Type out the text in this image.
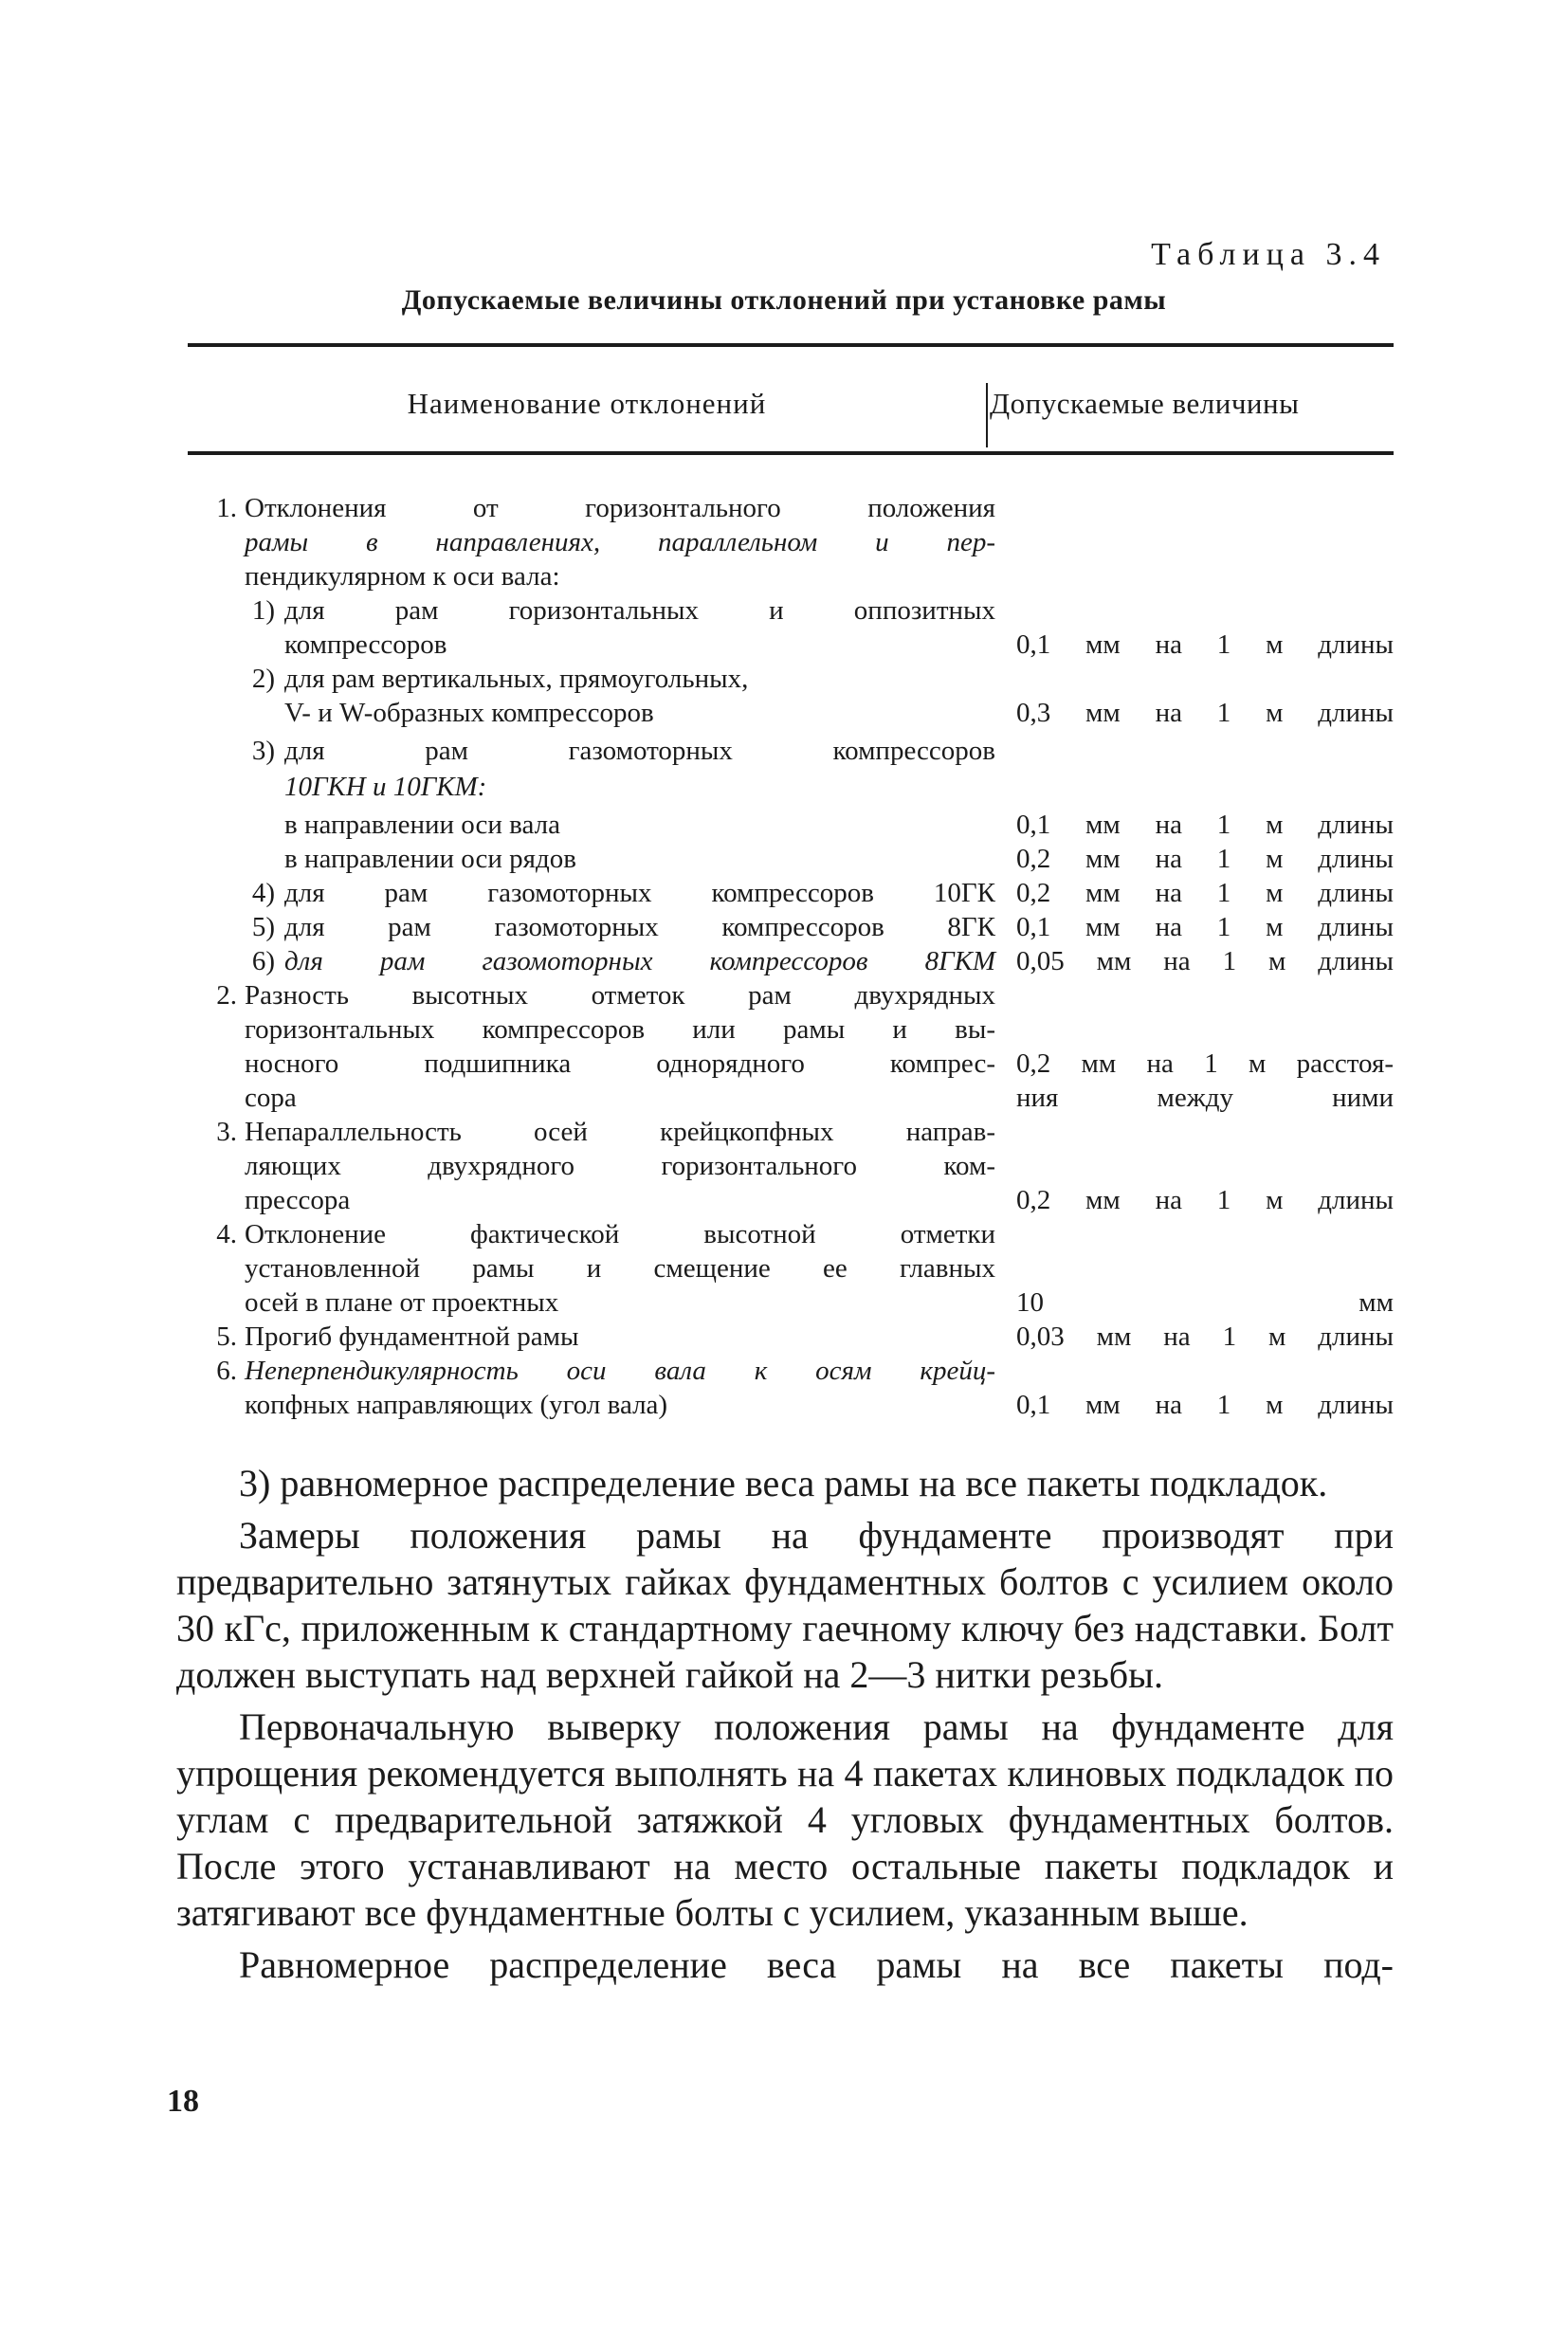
Таблица 3.4
Допускаемые величины отклонений при установке рамы
Наименование отклонений	Допускаемые величины
1. Отклонения от горизонтального положения
рамы в направлениях, параллельном и пер-
пендикулярном к оси вала:
1) для рам горизонтальных и оппозитных
компрессоров	0,1 мм на 1 м длины
2) для рам вертикальных, прямоугольных,
V- и W-образных компрессоров	0,3 мм на 1 м длины
3) для рам газомоторных компрессоров
10ГКН и 10ГКМ:
в направлении оси вала	0,1 мм на 1 м длины
в направлении оси рядов	0,2 мм на 1 м длины
4) для рам газомоторных компрессоров 10ГК 0,2 мм на 1 м длины
5) для рам газомоторных компрессоров 8ГК 0,1 мм на 1 м длины
6) для рам газомоторных компрессоров 8ГКМ 0,05 мм на 1 м длины
2. Разность высотных отметок рам двухрядных
горизонтальных компрессоров или рамы и вы-
носного подшипника однорядного компрес- 0,2 мм на 1 м расстоя-
сора	ния между ними
3. Непараллельность осей крейцкопфных направ-
ляющих двухрядного горизонтального ком-
прессора	0,2 мм на 1 м длины
4. Отклонение фактической высотной отметки
установленной рамы и смещение ее главных
осей в плане от проектных	10 мм
5. Прогиб фундаментной рамы	0,03 мм на 1 м длины
6. Неперпендикулярность оси вала к осям крейц-
копфных направляющих (угол вала)	0,1 мм на 1 м длины

3) равномерное распределение веса рамы на все пакеты подкладок.

Замеры положения рамы на фундаменте производят при предварительно затянутых гайках фундаментных болтов с усилием около 30 кГс, приложенным к стандартному гаечному ключу без надставки. Болт должен выступать над верхней гайкой на 2—3 нитки резьбы.

Первоначальную выверку положения рамы на фундаменте для упрощения рекомендуется выполнять на 4 пакетах клиновых подкладок по углам с предварительной затяжкой 4 угловых фундаментных болтов. После этого устанавливают на место остальные пакеты подкладок и затягивают все фундаментные болты с усилием, указанным выше.

Равномерное распределение веса рамы на все пакеты под-

18
